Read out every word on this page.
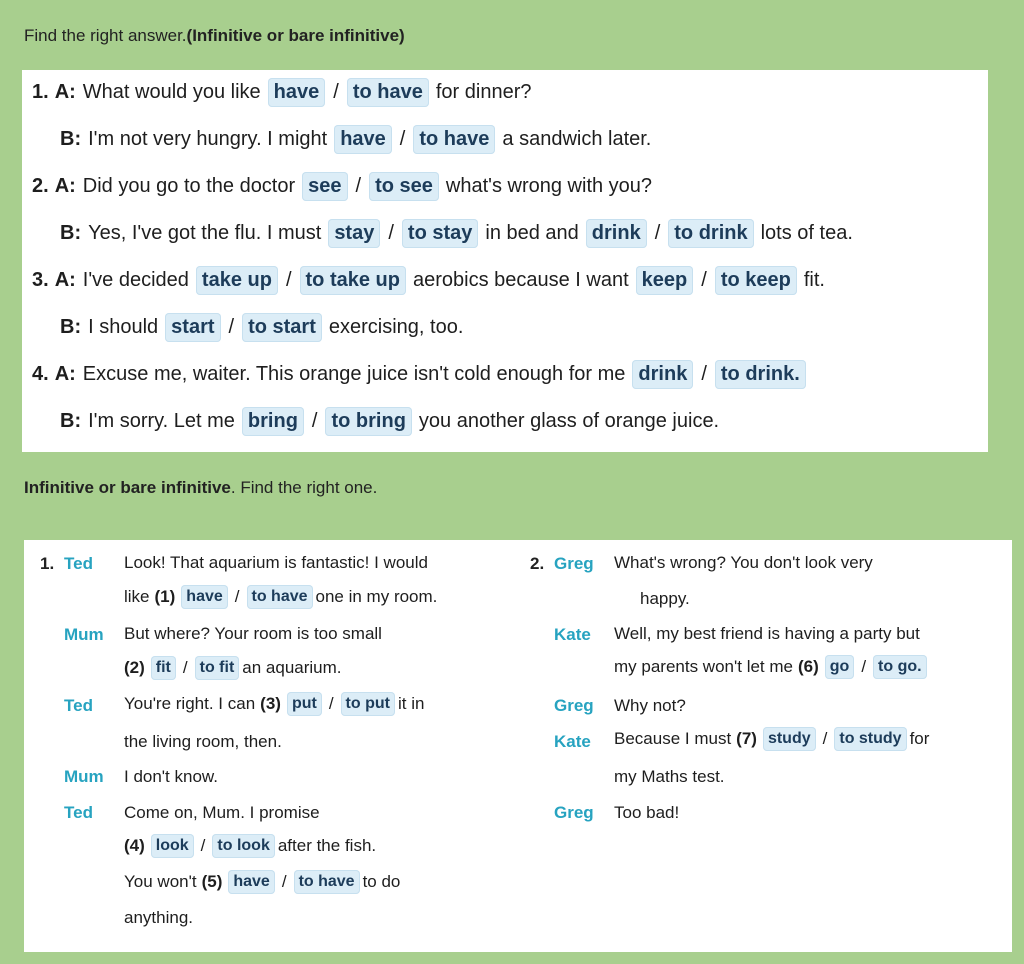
Find the right answer.(Infinitive or bare infinitive)
1. A: What would you like have / to have for dinner?
B: I'm not very hungry. I might have / to have a sandwich later.
2. A: Did you go to the doctor see / to see what's wrong with you?
B: Yes, I've got the flu. I must stay / to stay in bed and drink / to drink lots of tea.
3. A: I've decided take up / to take up aerobics because I want keep / to keep fit.
B: I should start / to start exercising, too.
4. A: Excuse me, waiter. This orange juice isn't cold enough for me drink / to drink.
B: I'm sorry. Let me bring / to bring you another glass of orange juice.
Infinitive or bare infinitive. Find the right one.
1. Ted Look! That aquarium is fantastic! I would
like (1) have / to have one in my room.
Mum But where? Your room is too small
(2) fit / to fit an aquarium.
Ted You're right. I can (3) put / to put it in
the living room, then.
Mum I don't know.
Ted Come on, Mum. I promise
(4) look / to look after the fish.
You won't (5) have / to have to do
anything.
2. Greg What's wrong? You don't look very
happy.
Kate Well, my best friend is having a party but
my parents won't let me (6) go / to go.
Greg Why not?
Kate Because I must (7) study / to study for
my Maths test.
Greg Too bad!
